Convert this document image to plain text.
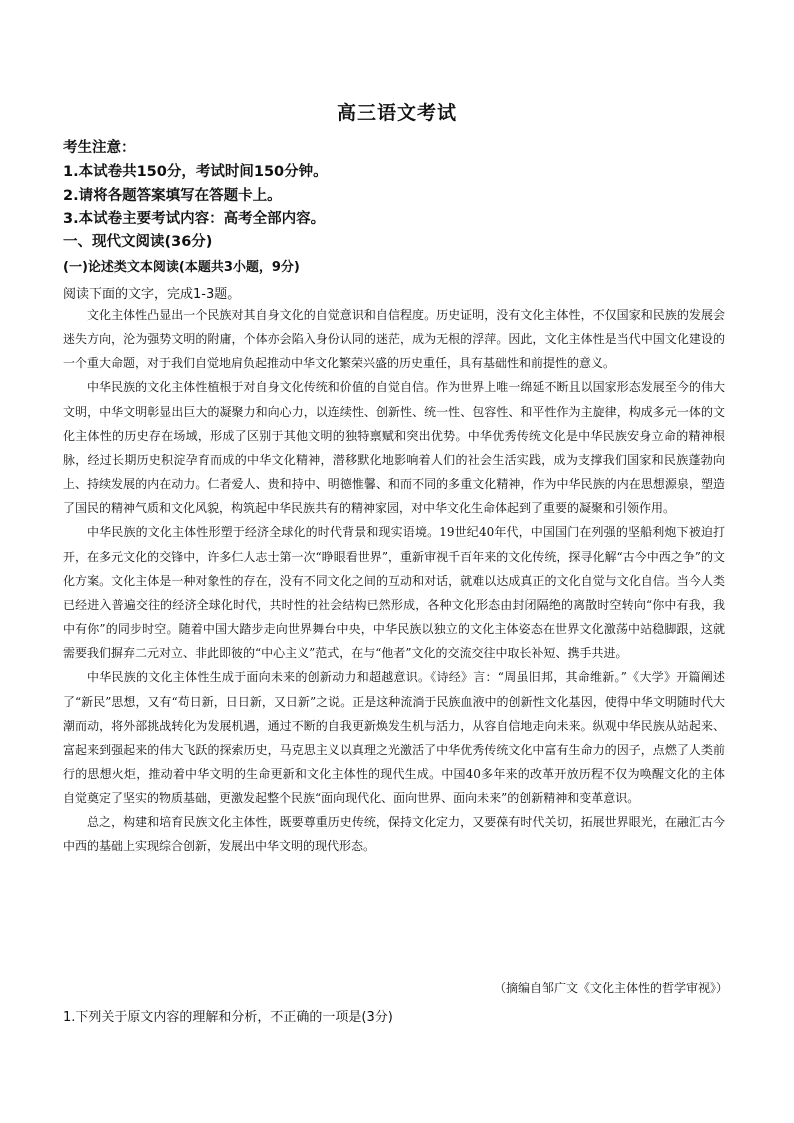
高三语文考试
考生注意：
1.本试卷共150分，考试时间150分钟。
2.请将各题答案填写在答题卡上。
3.本试卷主要考试内容：高考全部内容。
一、现代文阅读(36分)
(一)论述类文本阅读(本题共3小题，9分)
阅读下面的文字，完成1-3题。

文化主体性凸显出一个民族对其自身文化的自觉意识和自信程度。历史证明，没有文化主体性，不仅国家和民族的发展会迷失方向，沦为强势文明的附庸，个体亦会陷入身份认同的迷茫，成为无根的浮萍。因此，文化主体性是当代中国文化建设的一个重大命题，对于我们自觉地肩负起推动中华文化繁荣兴盛的历史重任，具有基础性和前提性的意义。

中华民族的文化主体性植根于对自身文化传统和价值的自觉自信。作为世界上唯一绵延不断且以国家形态发展至今的伟大文明，中华文明彰显出巨大的凝聚力和向心力，以连续性、创新性、统一性、包容性、和平性作为主旋律，构成多元一体的文化主体性的历史存在场域，形成了区别于其他文明的独特禀赋和突出优势。中华优秀传统文化是中华民族安身立命的精神根脉，经过长期历史积淀孕育而成的中华文化精神，潜移默化地影响着人们的社会生活实践，成为支撑我们国家和民族蓬勃向上、持续发展的内在动力。仁者爱人、贵和持中、明德惟馨、和而不同的多重文化精神，作为中华民族的内在思想源泉，塑造了国民的精神气质和文化风貌，构筑起中华民族共有的精神家园，对中华文化生命体起到了重要的凝聚和引领作用。

中华民族的文化主体性形塑于经济全球化的时代背景和现实语境。19世纪40年代，中国国门在列强的坚船利炮下被迫打开，在多元文化的交锋中，许多仁人志士第一次“睁眼看世界”，重新审视千百年来的文化传统，探寻化解“古今中西之争”的文化方案。文化主体是一种对象性的存在，没有不同文化之间的互动和对话，就难以达成真正的文化自觉与文化自信。当今人类已经进入普遍交往的经济全球化时代，共时性的社会结构已然形成，各种文化形态由封闭隔绝的离散时空转向“你中有我，我中有你”的同步时空。随着中国大踏步走向世界舞台中央，中华民族以独立的文化主体姿态在世界文化激荡中站稳脚跟，这就需要我们摒弃二元对立、非此即彼的“中心主义”范式，在与“他者”文化的交流交往中取长补短、携手共进。

中华民族的文化主体性生成于面向未来的创新动力和超越意识。《诗经》言：“周虽旧邦，其命维新。”《大学》开篇阐述了“新民”思想，又有“苟日新，日日新，又日新”之说。正是这种流淌于民族血液中的创新性文化基因，使得中华文明随时代大潮而动，将外部挑战转化为发展机遇，通过不断的自我更新焕发生机与活力，从容自信地走向未来。纵观中华民族从站起来、富起来到强起来的伟大飞跃的探索历史，马克思主义以真理之光激活了中华优秀传统文化中富有生命力的因子，点燃了人类前行的思想火炬，推动着中华文明的生命更新和文化主体性的现代生成。中国40多年来的改革开放历程不仅为唤醒文化的主体自觉奠定了坚实的物质基础，更激发起整个民族“面向现代化、面向世界、面向未来”的创新精神和变革意识。

总之，构建和培育民族文化主体性，既要尊重历史传统，保持文化定力，又要葆有时代关切，拓展世界眼光，在融汇古今中西的基础上实现综合创新，发展出中华文明的现代形态。

（摘编自邹广文《文化主体性的哲学审视》）
1.下列关于原文内容的理解和分析，不正确的一项是(3分)
